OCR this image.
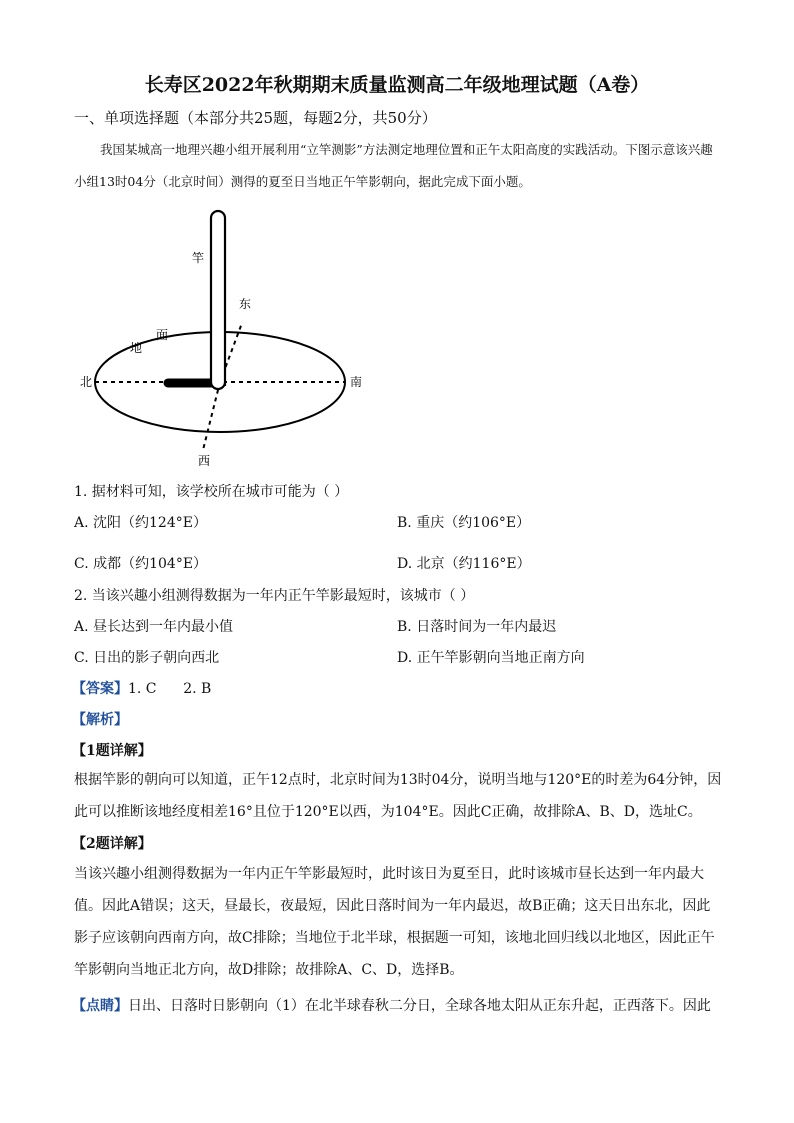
长寿区2022年秋期期末质量监测高二年级地理试题（A卷）
一、单项选择题（本部分共25题，每题2分，共50分）
我国某城高一地理兴趣小组开展利用“立竿测影”方法测定地理位置和正午太阳高度的实践活动。下图示意该兴趣小组13时04分（北京时间）测得的夏至日当地正午竿影朝向，据此完成下面小题。
竿
东
面
地
北	南
西
1. 据材料可知，该学校所在城市可能为（ ）
A. 沈阳（约124°E）	B. 重庆（约106°E）
C. 成都（约104°E）	D. 北京（约116°E）
2. 当该兴趣小组测得数据为一年内正午竿影最短时，该城市（ ）
A. 昼长达到一年内最小值	B. 日落时间为一年内最迟
C. 日出的影子朝向西北	D. 正午竿影朝向当地正南方向
【答案】1. C      2. B
【解析】
【1题详解】
根据竿影的朝向可以知道，正午12点时，北京时间为13时04分，说明当地与120°E的时差为64分钟，因此可以推断该地经度相差16°且位于120°E以西，为104°E。因此C正确，故排除A、B、D，选址C。
【2题详解】
当该兴趣小组测得数据为一年内正午竿影最短时，此时该日为夏至日，此时该城市昼长达到一年内最大值。因此A错误；这天，昼最长，夜最短，因此日落时间为一年内最迟，故B正确；这天日出东北，因此影子应该朝向西南方向，故C排除；当地位于北半球，根据题一可知，该地北回归线以北地区，因此正午竿影朝向当地正北方向，故D排除；故排除A、C、D，选择B。
【点睛】日出、日落时日影朝向（1）在北半球春秋二分日，全球各地太阳从正东升起，正西落下。因此
